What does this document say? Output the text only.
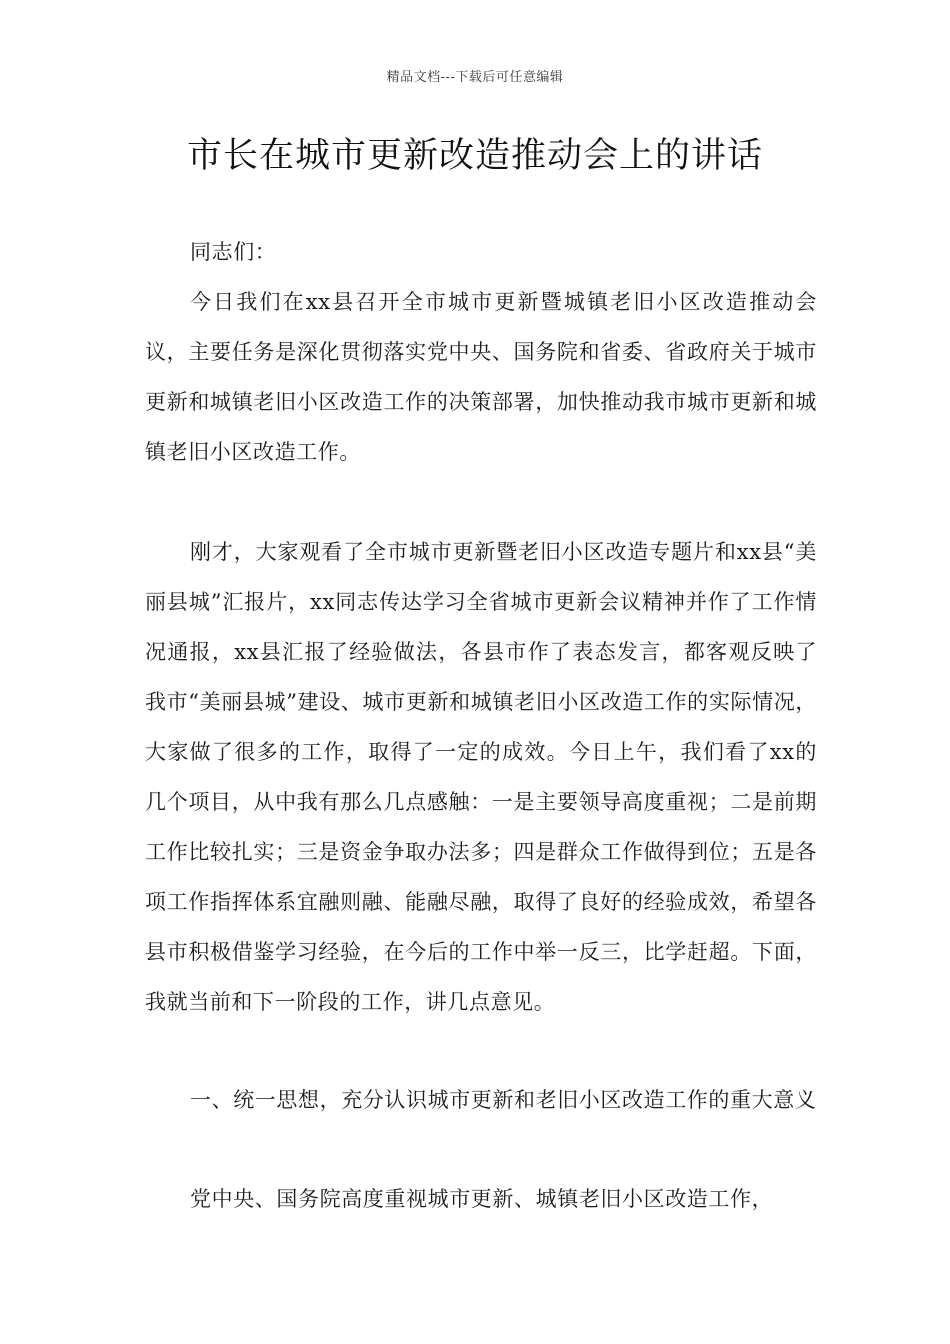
精品文档---下载后可任意编辑
市长在城市更新改造推动会上的讲话
同志们：

今日我们在xx县召开全市城市更新暨城镇老旧小区改造推动会议，主要任务是深化贯彻落实党中央、国务院和省委、省政府关于城市更新和城镇老旧小区改造工作的决策部署，加快推动我市城市更新和城镇老旧小区改造工作。

刚才，大家观看了全市城市更新暨老旧小区改造专题片和xx县“美丽县城”汇报片，xx同志传达学习全省城市更新会议精神并作了工作情况通报，xx县汇报了经验做法，各县市作了表态发言，都客观反映了我市“美丽县城”建设、城市更新和城镇老旧小区改造工作的实际情况，大家做了很多的工作，取得了一定的成效。今日上午，我们看了xx的几个项目，从中我有那么几点感触：一是主要领导高度重视；二是前期工作比较扎实；三是资金争取办法多；四是群众工作做得到位；五是各项工作指挥体系宜融则融、能融尽融，取得了良好的经验成效，希望各县市积极借鉴学习经验，在今后的工作中举一反三，比学赶超。下面，我就当前和下一阶段的工作，讲几点意见。

一、统一思想，充分认识城市更新和老旧小区改造工作的重大意义

党中央、国务院高度重视城市更新、城镇老旧小区改造工作，
